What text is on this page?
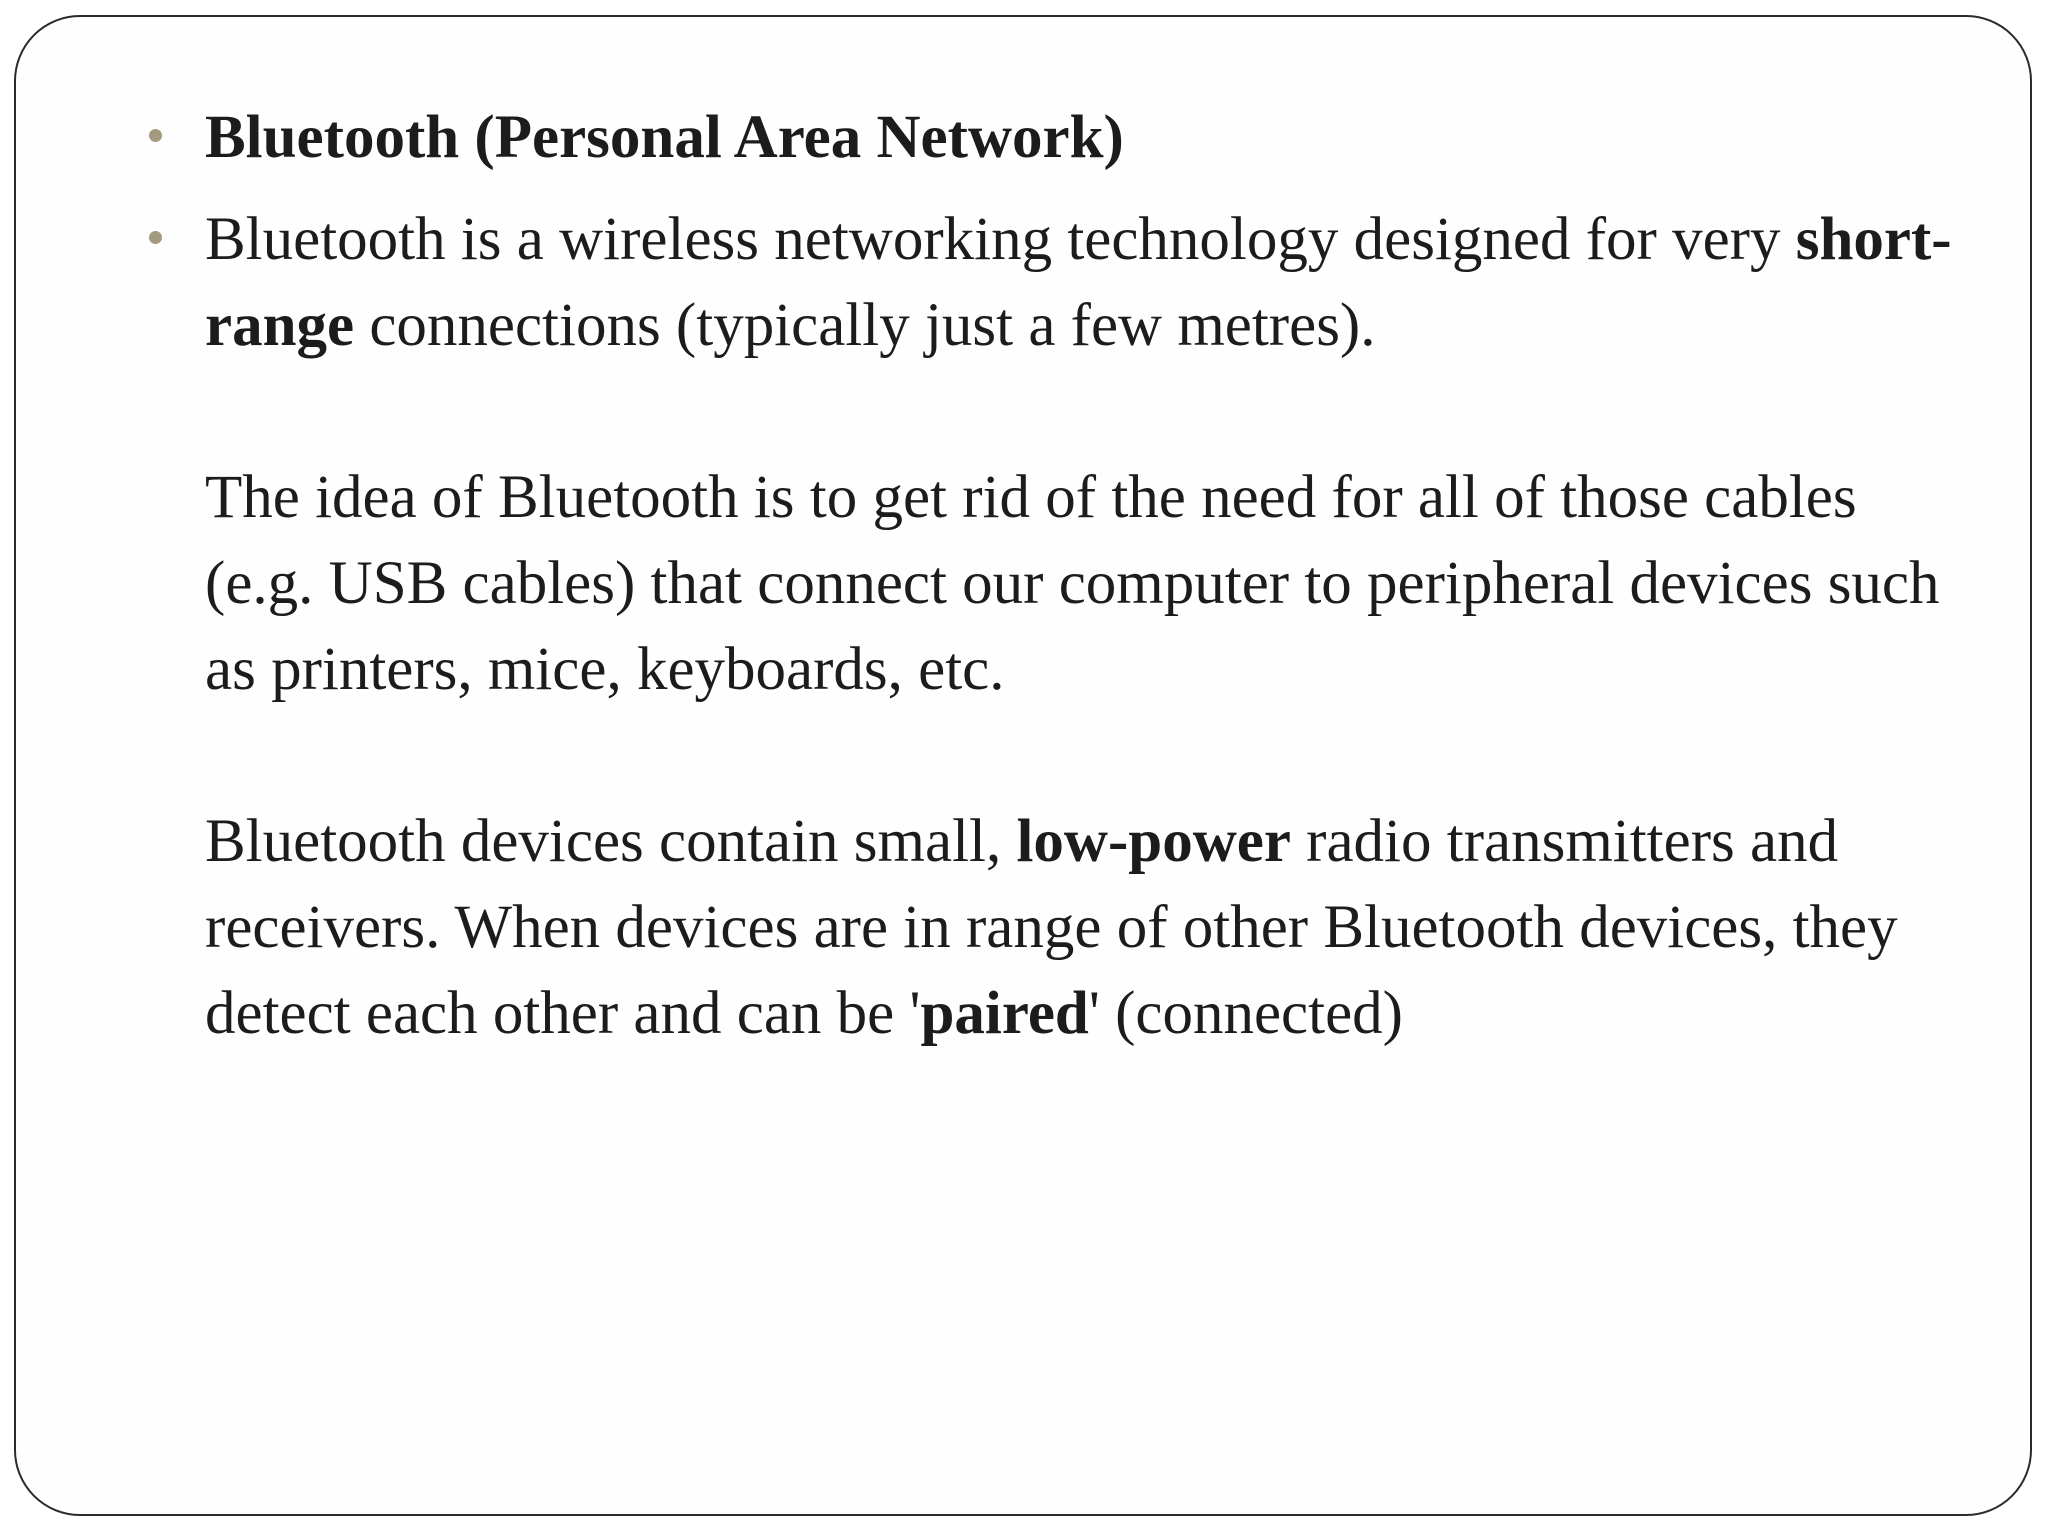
Bluetooth (Personal Area Network)
Bluetooth is a wireless networking technology designed for very short-range connections (typically just a few metres).
The idea of Bluetooth is to get rid of the need for all of those cables (e.g. USB cables) that connect our computer to peripheral devices such as printers, mice, keyboards, etc.
Bluetooth devices contain small, low-power radio transmitters and receivers. When devices are in range of other Bluetooth devices, they detect each other and can be 'paired' (connected)
